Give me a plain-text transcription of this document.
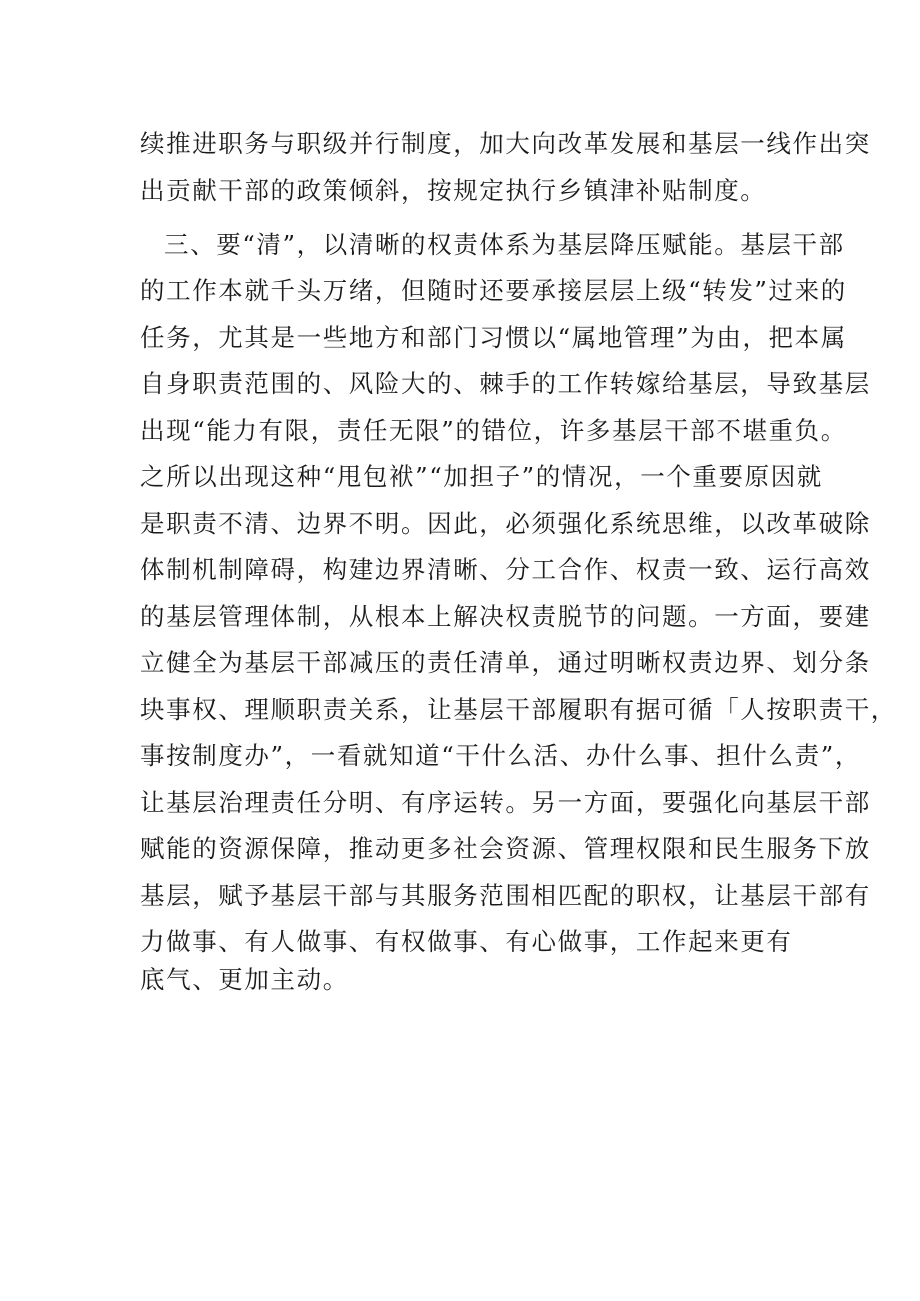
续推进职务与职级并行制度，加大向改革发展和基层一线作出突
出贡献干部的政策倾斜，按规定执行乡镇津补贴制度。
三、要“清”，以清晰的权责体系为基层降压赋能。基层干部
的工作本就千头万绪，但随时还要承接层层上级“转发”过来的
任务，尤其是一些地方和部门习惯以“属地管理”为由，把本属
自身职责范围的、风险大的、棘手的工作转嫁给基层，导致基层
出现“能力有限，责任无限”的错位，许多基层干部不堪重负。
之所以出现这种“甩包袱”“加担子”的情况，一个重要原因就
是职责不清、边界不明。因此，必须强化系统思维，以改革破除
体制机制障碍，构建边界清晰、分工合作、权责一致、运行高效
的基层管理体制，从根本上解决权责脱节的问题。一方面，要建
立健全为基层干部减压的责任清单，通过明晰权责边界、划分条
块事权、理顺职责关系，让基层干部履职有据可循「人按职责干，
事按制度办”，一看就知道“干什么活、办什么事、担什么责”，
让基层治理责任分明、有序运转。另一方面，要强化向基层干部
赋能的资源保障，推动更多社会资源、管理权限和民生服务下放
基层，赋予基层干部与其服务范围相匹配的职权，让基层干部有
力做事、有人做事、有权做事、有心做事，工作起来更有
底气、更加主动。
